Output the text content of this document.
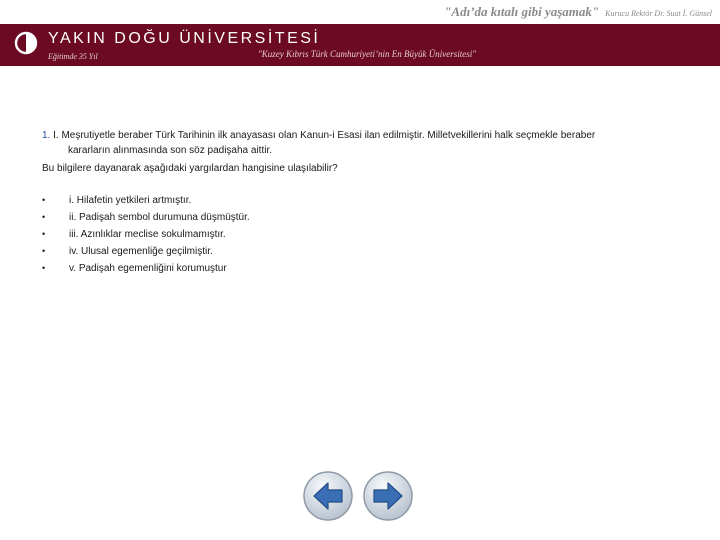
"Adı’da kıtalı gibi yaşamak" Kurucu Rektör Dr. Suat İ. Günsel
YAKIN DOĞU ÜNİVERSİTESİ
Eğitimde 35 Yıl	"Kuzey Kıbrıs Türk Cumhuriyeti’nin En Büyük Üniversitesi"

1. I. Meşrutiyetle beraber Türk Tarihinin ilk anayasası olan Kanun-i Esasi ilan edilmiştir. Milletvekillerini halk seçmekle beraber

kararların alınmasında son söz padişaha aittir.

Bu bilgilere dayanarak aşağıdaki yargılardan hangisine ulaşılabilir?

• i. Hilafetin yetkileri artmıştır.
• ii. Padişah sembol durumuna düşmüştür.
• iii. Azınlıklar meclise sokulmamıştır.
• iv. Ulusal egemenliğe geçilmiştir.
• v. Padişah egemenliğini korumuştur
